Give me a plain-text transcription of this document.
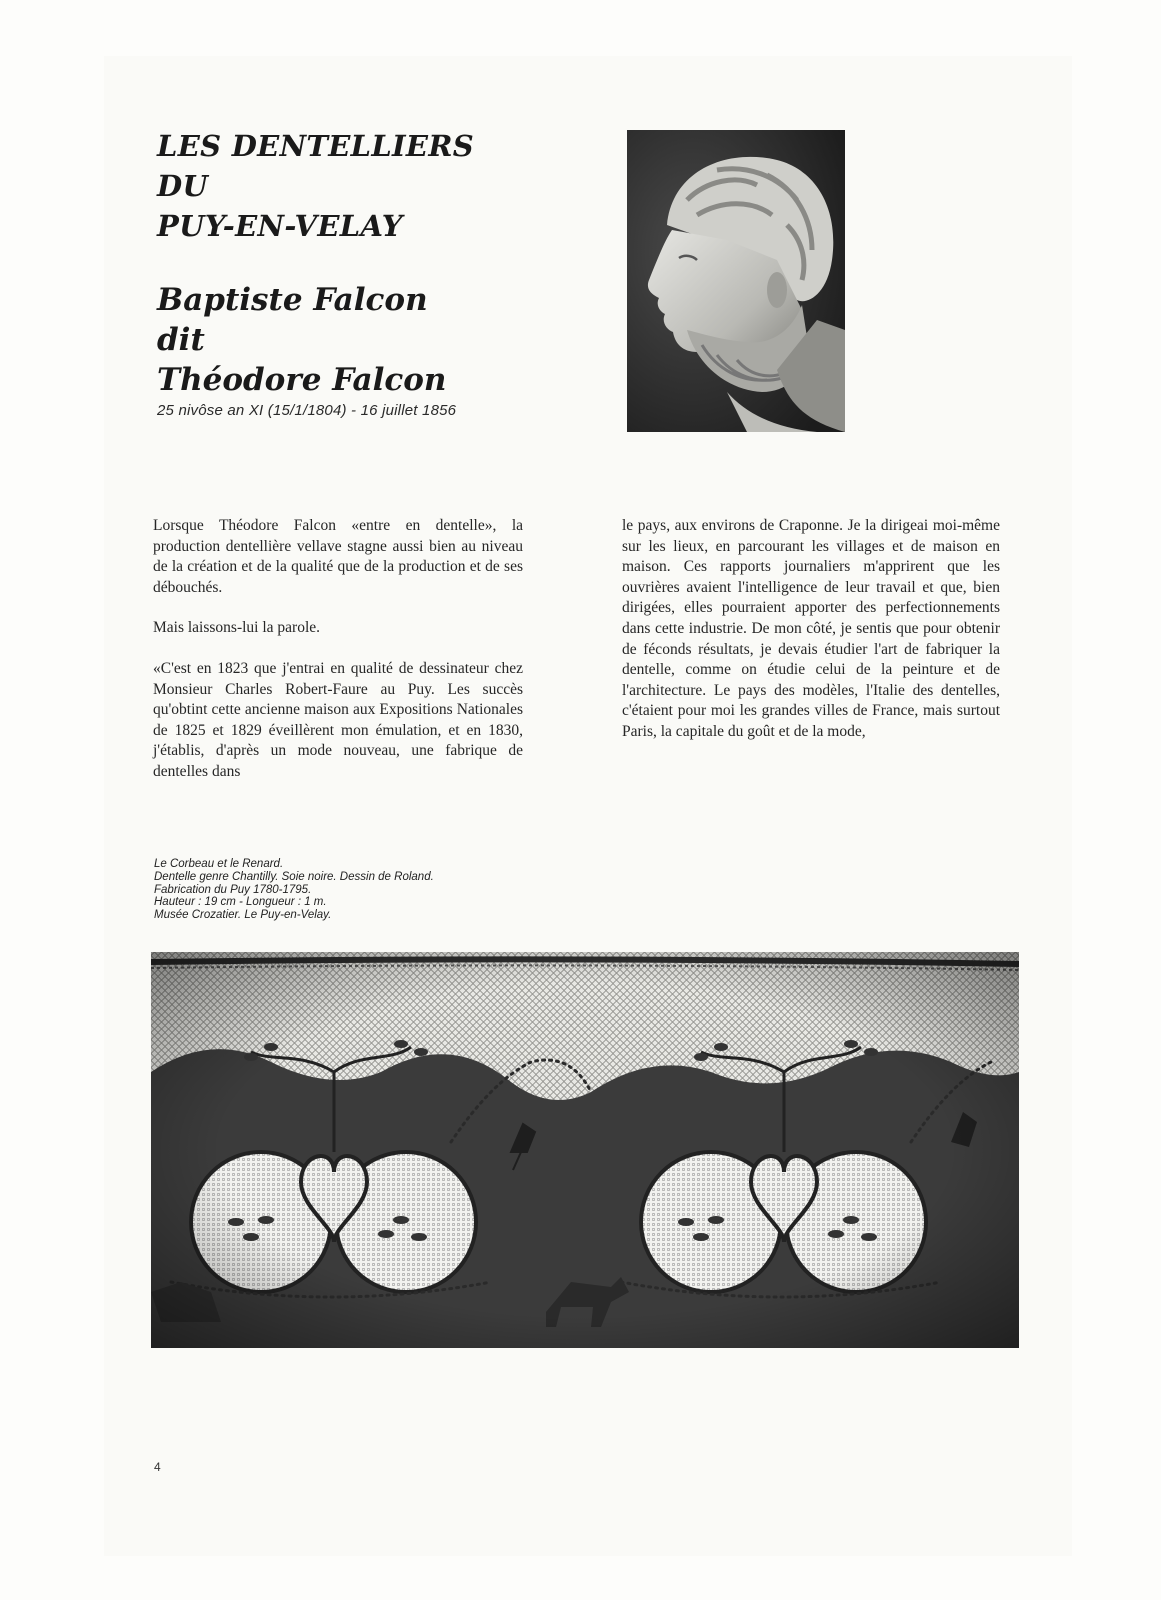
LES DENTELLIERS
DU
PUY-EN-VELAY
Baptiste Falcon
dit
Théodore Falcon
25 nivôse an XI (15/1/1804) - 16 juillet 1856

Lorsque Théodore Falcon «entre en dentelle», la production dentellière vellave stagne aussi bien au niveau de la création et de la qualité que de la production et de ses débouchés.

Mais laissons-lui la parole.

«C'est en 1823 que j'entrai en qualité de dessinateur chez Monsieur Charles Robert-Faure au Puy. Les succès qu'obtint cette ancienne maison aux Expositions Nationales de 1825 et 1829 éveillèrent mon émulation, et en 1830, j'établis, d'après un mode nouveau, une fabrique de dentelles dans

le pays, aux environs de Craponne. Je la dirigeai moi-même sur les lieux, en parcourant les villages et de maison en maison. Ces rapports journaliers m'apprirent que les ouvrières avaient l'intelligence de leur travail et que, bien dirigées, elles pourraient apporter des perfectionnements dans cette industrie. De mon côté, je sentis que pour obtenir de féconds résultats, je devais étudier l'art de fabriquer la dentelle, comme on étudie celui de la peinture et de l'architecture. Le pays des modèles, l'Italie des dentelles, c'étaient pour moi les grandes villes de France, mais surtout Paris, la capitale du goût et de la mode,

Le Corbeau et le Renard.
Dentelle genre Chantilly. Soie noire. Dessin de Roland.
Fabrication du Puy 1780-1795.
Hauteur : 19 cm - Longueur : 1 m.
Musée Crozatier. Le Puy-en-Velay.
4
